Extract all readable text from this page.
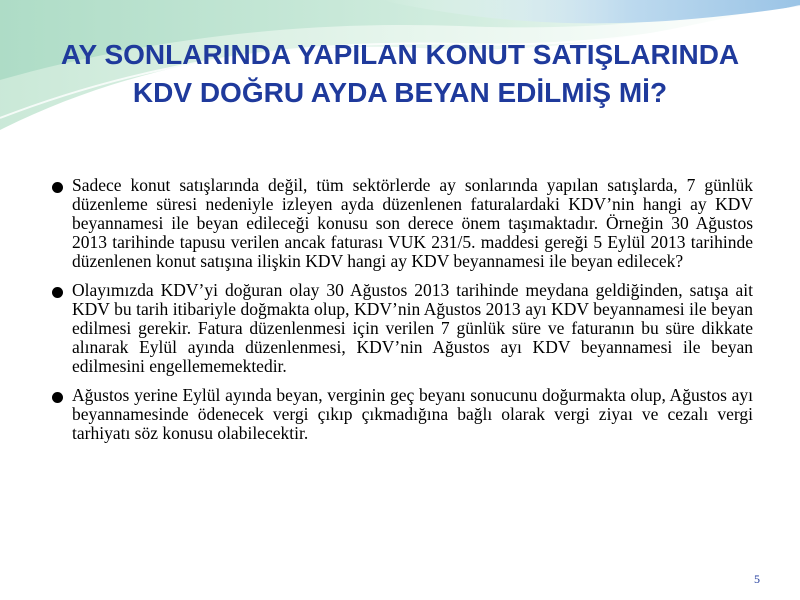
AY SONLARINDA YAPILAN KONUT SATIŞLARINDA KDV DOĞRU AYDA BEYAN EDİLMİŞ Mİ?
Sadece konut satışlarında değil, tüm sektörlerde ay sonlarında yapılan satışlarda, 7 günlük düzenleme süresi nedeniyle izleyen ayda düzenlenen faturalardaki KDV’nin hangi ay KDV beyannamesi ile beyan edileceği konusu son derece önem taşımaktadır. Örneğin 30 Ağustos 2013 tarihinde tapusu verilen ancak faturası VUK 231/5. maddesi gereği 5 Eylül 2013 tarihinde düzenlenen konut satışına ilişkin KDV hangi ay KDV beyannamesi ile beyan edilecek?
Olayımızda KDV’yi doğuran olay 30 Ağustos 2013 tarihinde meydana geldiğinden, satışa ait KDV bu tarih itibariyle doğmakta olup, KDV’nin Ağustos 2013 ayı KDV beyannamesi ile beyan edilmesi gerekir. Fatura düzenlenmesi için verilen 7 günlük süre ve faturanın bu süre dikkate alınarak Eylül ayında düzenlenmesi, KDV’nin Ağustos ayı KDV beyannamesi ile beyan edilmesini engellememektedir.
Ağustos yerine Eylül ayında beyan, verginin geç beyanı sonucunu doğurmakta olup, Ağustos ayı beyannamesinde ödenecek vergi çıkıp çıkmadığına bağlı olarak vergi ziyaı ve cezalı vergi tarhiyatı söz konusu olabilecektir.
5
